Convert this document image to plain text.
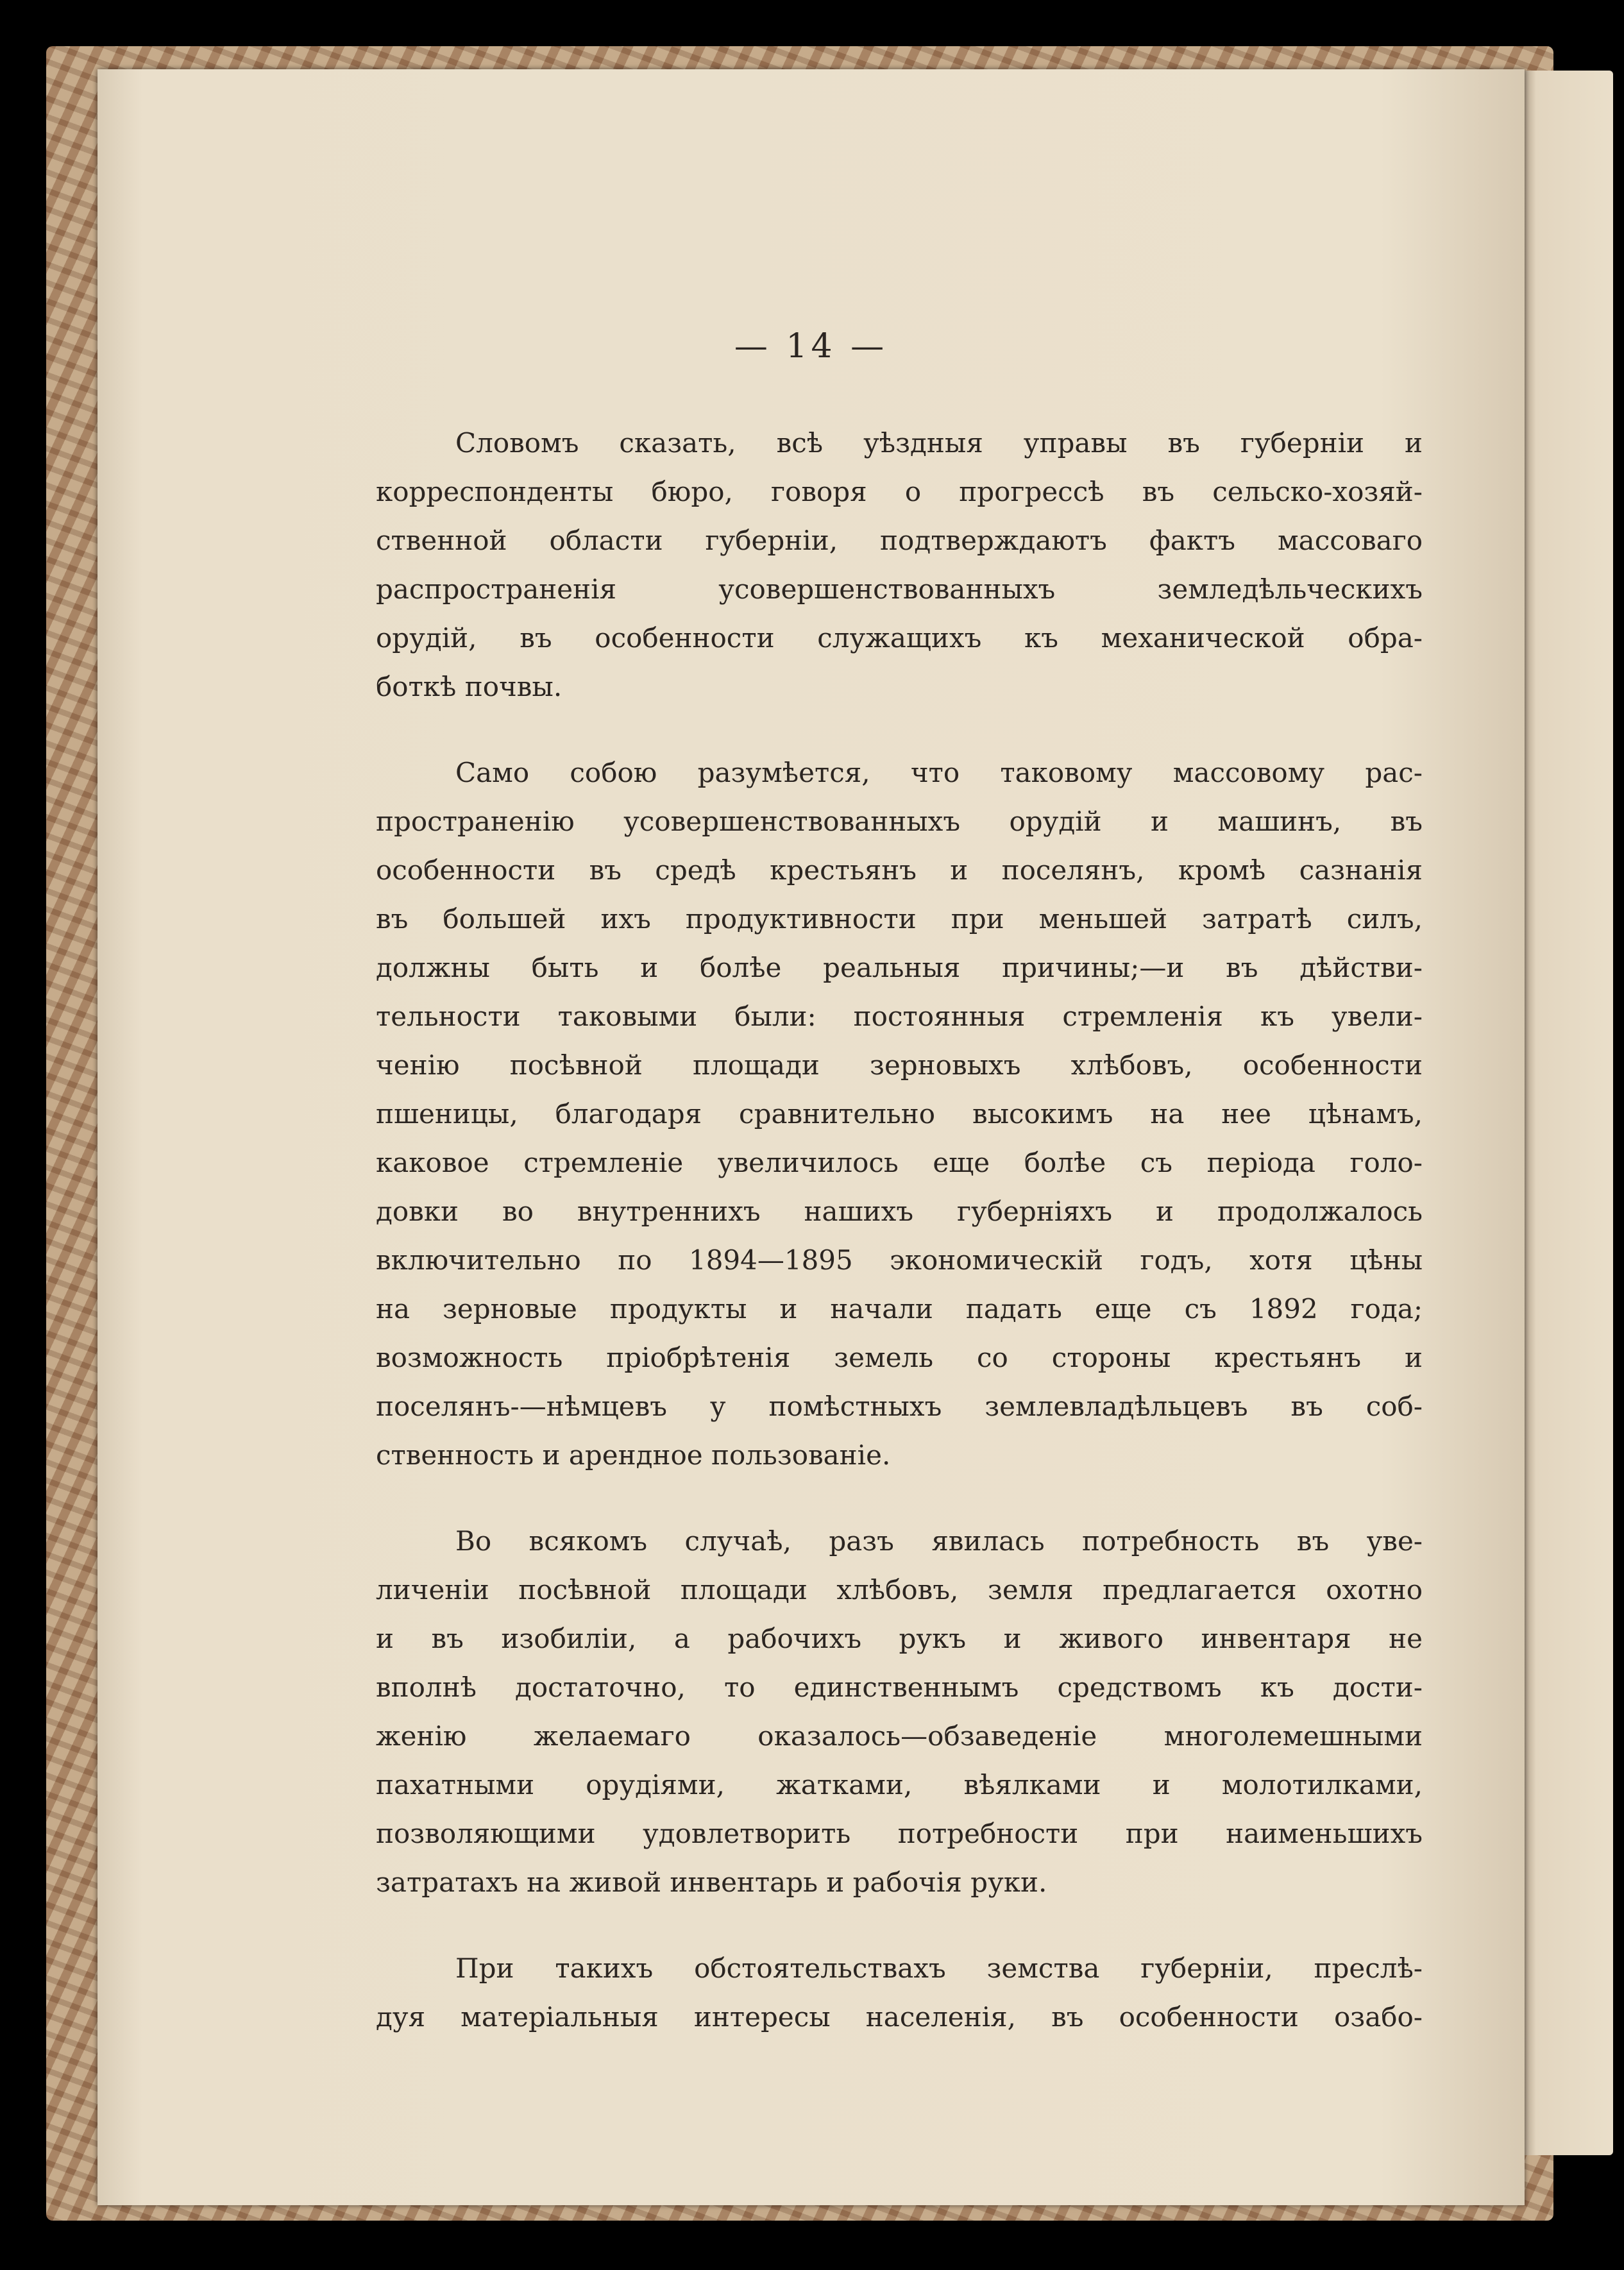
— 14 —

Словомъ сказать, всѣ уѣздныя управы въ губерніи и
корреспонденты бюро, говоря о прогрессѣ въ сельско-хозяй-
ственной области губерніи, подтверждаютъ фактъ массоваго
распространенія усовершенствованныхъ земледѣльческихъ
орудій, въ особенности служащихъ къ механической обра-
боткѣ почвы.
Само собою разумѣется, что таковому массовому рас-
пространенію усовершенствованныхъ орудій и машинъ, въ
особенности въ средѣ крестьянъ и поселянъ, кромѣ сазнанія
въ большей ихъ продуктивности при меньшей затратѣ силъ,
должны быть и болѣе реальныя причины;—и въ дѣйстви-
тельности таковыми были: постоянныя стремленія къ увели-
ченію посѣвной площади зерновыхъ хлѣбовъ, особенности
пшеницы, благодаря сравнительно высокимъ на нее цѣнамъ,
каковое стремленіе увеличилось еще болѣе съ періода голо-
довки во внутреннихъ нашихъ губерніяхъ и продолжалось
включительно по 1894—1895 экономическій годъ, хотя цѣны
на зерновые продукты и начали падать еще съ 1892 года;
возможность пріобрѣтенія земель со стороны крестьянъ и
поселянъ-—нѣмцевъ у помѣстныхъ землевладѣльцевъ въ соб-
ственность и арендное пользованіе.
Во всякомъ случаѣ, разъ явилась потребность въ уве-
личеніи посѣвной площади хлѣбовъ, земля предлагается охотно
и въ изобиліи, а рабочихъ рукъ и живого инвентаря не
вполнѣ достаточно, то единственнымъ средствомъ къ дости-
женію желаемаго оказалось—обзаведеніе многолемешными
пахатными орудіями, жатками, вѣялками и молотилками,
позволяющими удовлетворить потребности при наименьшихъ
затратахъ на живой инвентарь и рабочія руки.
При такихъ обстоятельствахъ земства губерніи, преслѣ-
дуя матеріальныя интересы населенія, въ особенности озабо-
